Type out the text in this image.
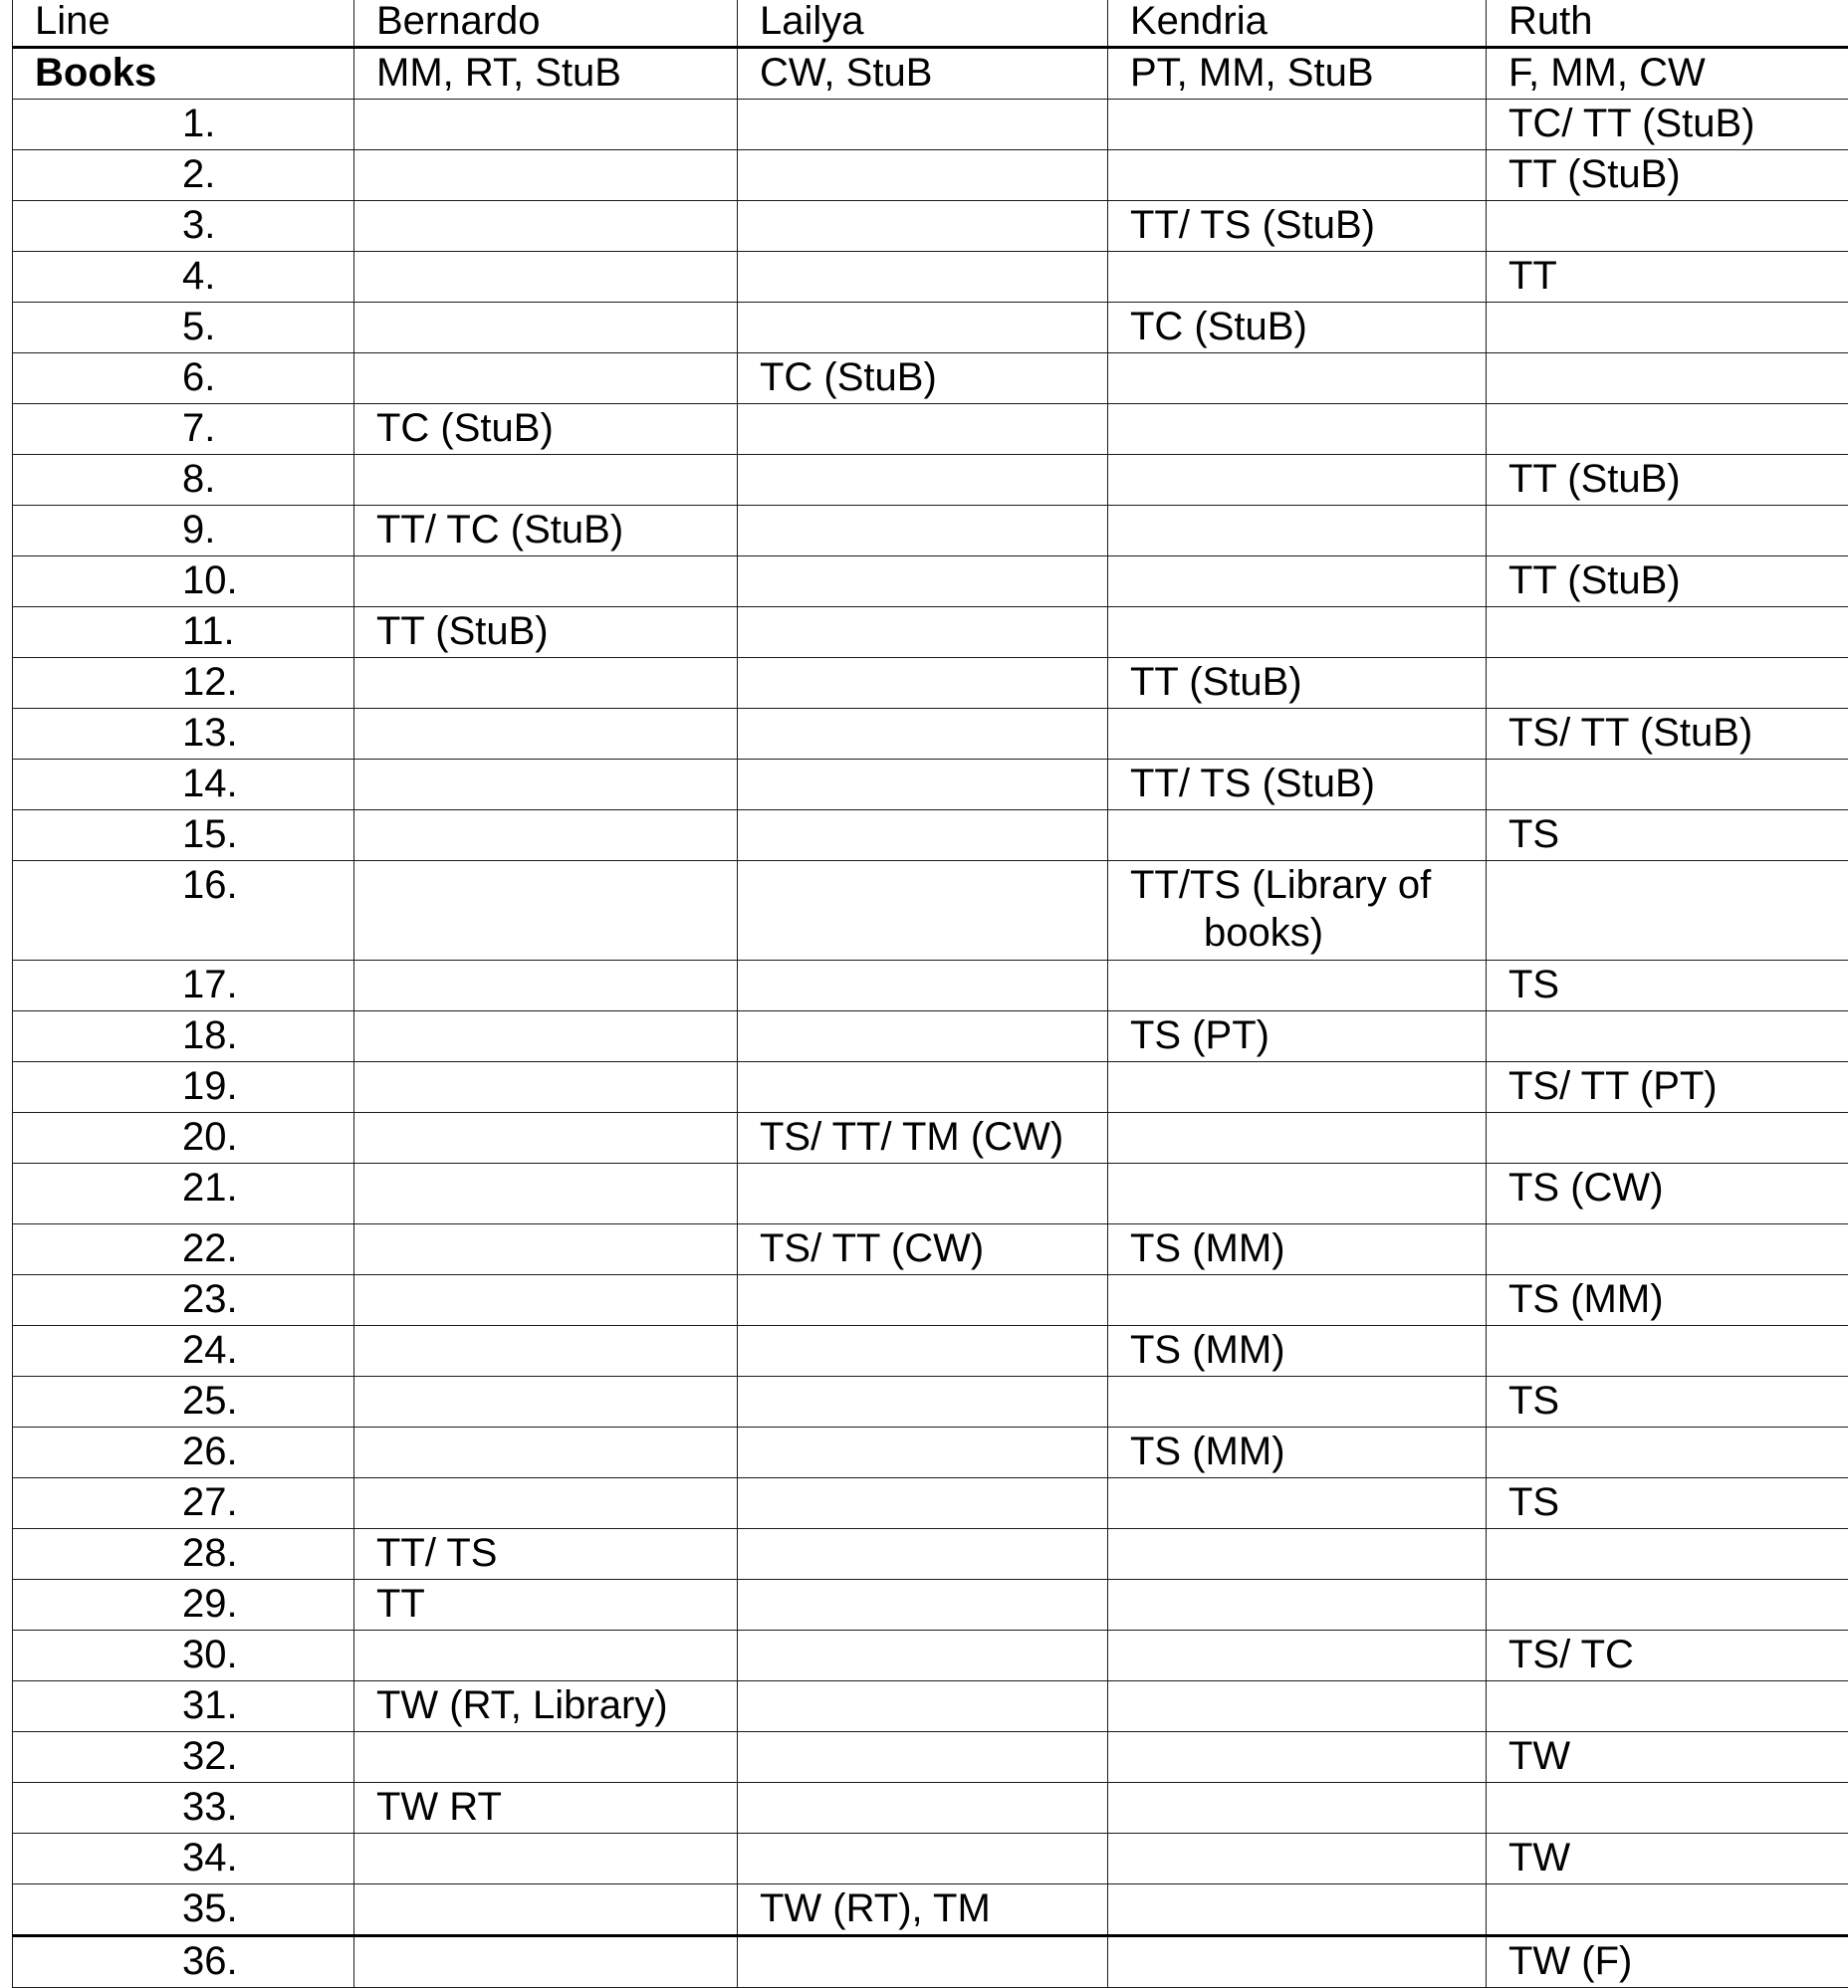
Line	Bernardo	Lailya	Kendria	Ruth
Books	MM, RT, StuB	CW, StuB	PT, MM, StuB	F, MM, CW
1.				TC/ TT (StuB)
2.				TT (StuB)
3.			TT/ TS (StuB)	
4.				TT
5.			TC (StuB)	
6.		TC (StuB)		
7.	TC (StuB)			
8.				TT (StuB)
9.	TT/ TC (StuB)			
10.				TT (StuB)
11.	TT (StuB)			
12.			TT (StuB)	
13.				TS/ TT (StuB)
14.			TT/ TS (StuB)	
15.				TS
16.			TT/TS (Library of
books)	

17.				TS
18.			TS (PT)	
19.				TS/ TT (PT)
20.		TS/ TT/ TM (CW)		
21.				TS (CW)
22.		TS/ TT (CW)	TS (MM)	
23.				TS (MM)
24.			TS (MM)	
25.				TS
26.			TS (MM)	
27.				TS
28.	TT/ TS			
29.	TT			
30.				TS/ TC
31.	TW (RT, Library)			
32.				TW
33.	TW RT			
34.				TW
35.		TW (RT), TM		
36.				TW (F)
